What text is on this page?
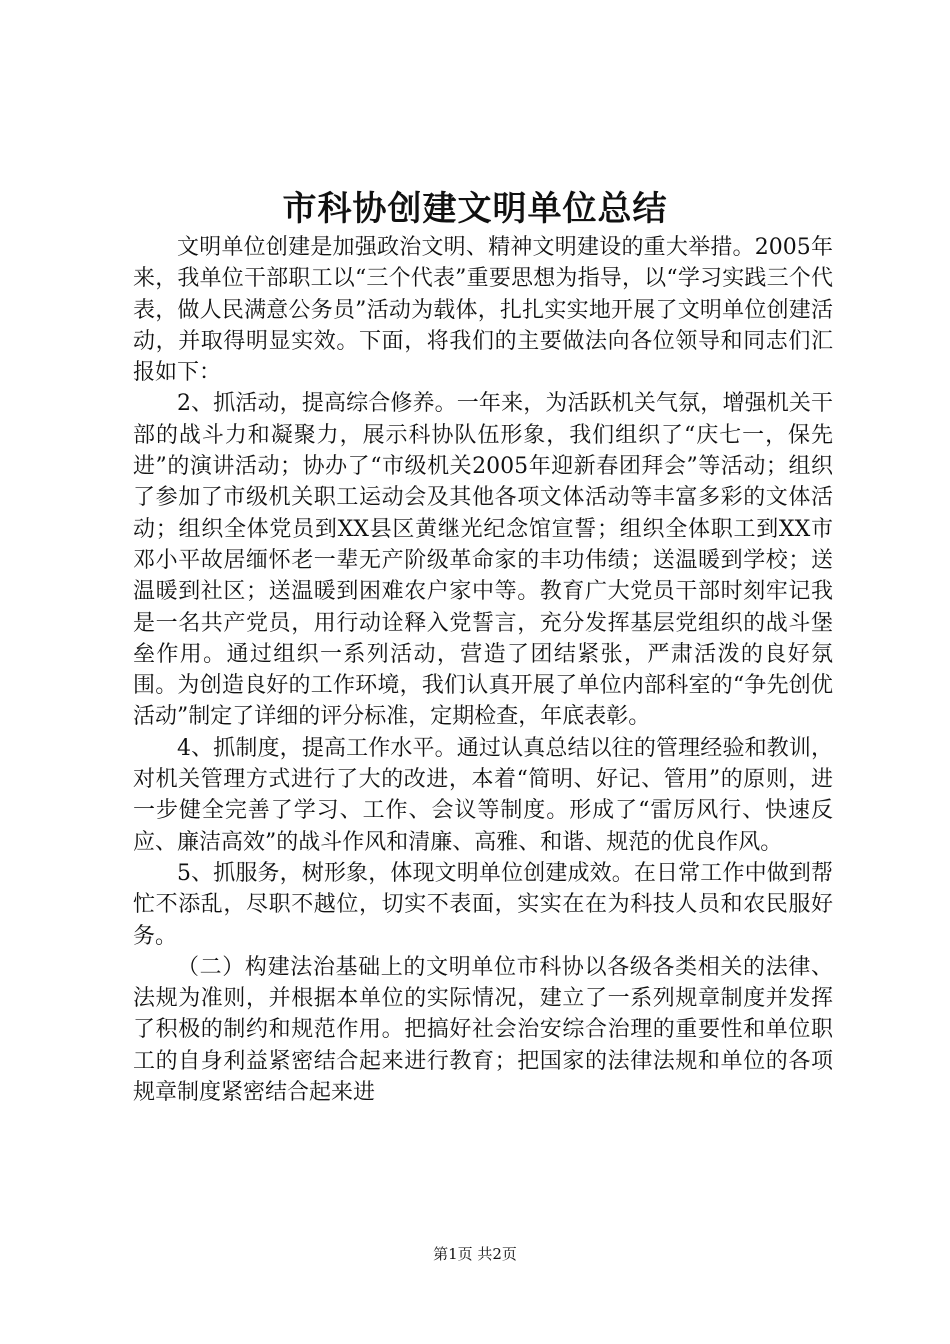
市科协创建文明单位总结

文明单位创建是加强政治文明、精神文明建设的重大举措。2005年来，我单位干部职工以“三个代表”重要思想为指导，以“学习实践三个代表，做人民满意公务员”活动为载体，扎扎实实地开展了文明单位创建活动，并取得明显实效。下面，将我们的主要做法向各位领导和同志们汇报如下：

2、抓活动，提高综合修养。一年来，为活跃机关气氛，增强机关干部的战斗力和凝聚力，展示科协队伍形象，我们组织了“庆七一，保先进”的演讲活动；协办了“市级机关2005年迎新春团拜会”等活动；组织了参加了市级机关职工运动会及其他各项文体活动等丰富多彩的文体活动；组织全体党员到XX县区黄继光纪念馆宣誓；组织全体职工到XX市邓小平故居缅怀老一辈无产阶级革命家的丰功伟绩；送温暖到学校；送温暖到社区；送温暖到困难农户家中等。教育广大党员干部时刻牢记我是一名共产党员，用行动诠释入党誓言，充分发挥基层党组织的战斗堡垒作用。通过组织一系列活动，营造了团结紧张，严肃活泼的良好氛围。为创造良好的工作环境，我们认真开展了单位内部科室的“争先创优活动”制定了详细的评分标准，定期检查，年底表彰。

4、抓制度，提高工作水平。通过认真总结以往的管理经验和教训，对机关管理方式进行了大的改进，本着“简明、好记、管用”的原则，进一步健全完善了学习、工作、会议等制度。形成了“雷厉风行、快速反应、廉洁高效”的战斗作风和清廉、高雅、和谐、规范的优良作风。

5、抓服务，树形象，体现文明单位创建成效。在日常工作中做到帮忙不添乱，尽职不越位，切实不表面，实实在在为科技人员和农民服好务。

（二）构建法治基础上的文明单位市科协以各级各类相关的法律、法规为准则，并根据本单位的实际情况，建立了一系列规章制度并发挥了积极的制约和规范作用。把搞好社会治安综合治理的重要性和单位职工的自身利益紧密结合起来进行教育；把国家的法律法规和单位的各项规章制度紧密结合起来进

第1页 共2页
